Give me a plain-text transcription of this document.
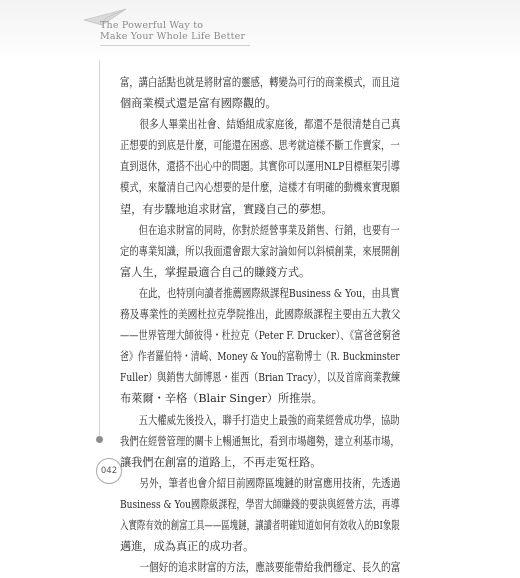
The Powerful Way to
Make Your Whole Life Better
富，講白話點也就是將財富的靈感，轉變為可行的商業模式，而且這
個商業模式還是富有國際觀的。
　　很多人畢業出社會、結婚組成家庭後，都還不是很清楚自己真
正想要的到底是什麼，可能還在困惑、思考就這樣不斷工作賣家，一
直到退休，還搭不出心中的問題。其實你可以運用NLP目標框架引導
模式，來釐清自己內心想要的是什麼，這樣才有明確的動機來實現願
望，有步驟地追求財富，實踐自己的夢想。
　　但在追求財富的同時，你對於經營事業及銷售、行銷，也要有一
定的專業知識，所以我面還會跟大家討論如何以斜槓創業，來展開創
富人生，掌握最適合自己的賺錢方式。
　　在此，也特別向讀者推薦國際級課程Business & You，由具實
務及專業性的美國杜拉克學院推出，此國際級課程主要由五大教父
——世界管理大師彼得・杜拉克（Peter F. Drucker）、《富爸爸窮爸
爸》作者羅伯特・清崎、Money & You的富勒博士（R. Buckminster
Fuller）與銷售大師博恩・崔西（Brian Tracy），以及首席商業教練
布萊爾・辛格（Blair Singer）所推崇。
　　五大權威先後投入，聯手打造史上最強的商業經營成功學，協助
我們在經營管理的關卡上暢通無比，看到市場趨勢，建立利基市場，
讓我們在創富的道路上，不再走冤枉路。
　　另外，筆者也會介紹目前國際區塊鏈的財富應用技術，先透過
Business & You國際級課程，學習大師賺錢的要訣與經營方法，再導
入實際有效的創富工具——區塊鏈，讓讀者明確知道如何有效收入的BI象限
邁進，成為真正的成功者。
　　一個好的追求財富的方法，應該要能帶給我們穩定、長久的富
042
